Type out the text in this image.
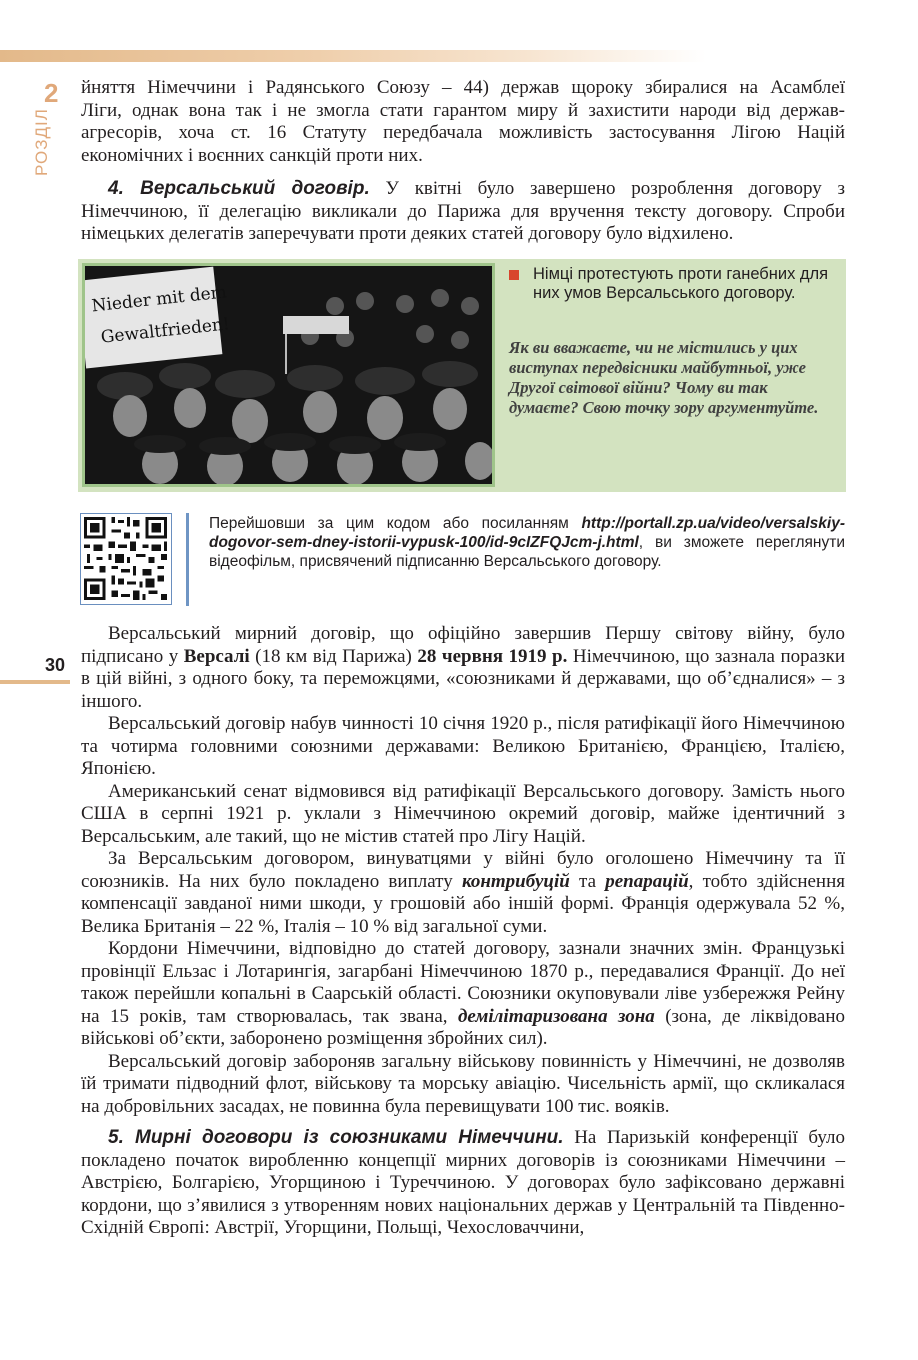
2
РОЗДІЛ
йняття Німеччини і Радянського Союзу – 44) держав щороку збиралися на Асамблеї
Ліги, однак вона так і не змогла стати гарантом миру й захистити народи від держав-
агресорів, хоча ст. 16 Статуту передбачала можливість застосування Лігою Націй
економічних і воєнних санкцій проти них.

4. Версальський договір. У квітні було завершено розроблення договору з Німеччиною, її делегацію викликали до Парижа для вручення тексту договору. Спроби німецьких делегатів заперечувати проти деяких статей договору було відхилено.

Nieder mit dem
Gewaltfrieden!
Німці протестують проти ганебних для них умов Версальського договору.
Як ви вважаєте, чи не містились у цих виступах передвісники майбутньої, уже Другої світової війни? Чому ви так думаєте? Свою точку зору аргументуйте.
Перейшовши за цим кодом або посиланням http://portall.zp.ua/video/versalskiy-dogovor-sem-dney-istorii-vypusk-100/id-9cIZFQJcm-j.html, ви зможете переглянути відеофільм, присвячений підписанню Версальського договору.
30

Версальський мирний договір, що офіційно завершив Першу світову війну, було підписано у Версалі (18 км від Парижа) 28 червня 1919 р. Німеччиною, що зазнала поразки в цій війні, з одного боку, та переможцями, «союзниками й державами, що об’єдналися» – з іншого.

Версальський договір набув чинності 10 січня 1920 р., після ратифікації його Німеччиною та чотирма головними союзними державами: Великою Британією, Францією, Італією, Японією.

Американський сенат відмовився від ратифікації Версальського договору. Замість нього США в серпні 1921 р. уклали з Німеччиною окремий договір, майже ідентичний з Версальським, але такий, що не містив статей про Лігу Націй.

За Версальським договором, винуватцями у війні було оголошено Німеччину та її союзників. На них було покладено виплату контрибуцій та репарацій, тобто здійснення компенсації завданої ними шкоди, у грошовій або іншій формі. Франція одержувала 52 %, Велика Британія – 22 %, Італія – 10 % від загальної суми.

Кордони Німеччини, відповідно до статей договору, зазнали значних змін. Французькі провінції Ельзас і Лотарингія, загарбані Німеччиною 1870 р., передавалися Франції. До неї також перейшли копальні в Саарській області. Союзники окуповували ліве узбережжя Рейну на 15 років, там створювалась, так звана, демілітаризована зона (зона, де ліквідовано військові об’єкти, заборонено розміщення збройних сил).

Версальський договір забороняв загальну військову повинність у Німеччині, не дозволяв їй тримати підводний флот, військову та морську авіацію. Чисельність армії, що скликалася на добровільних засадах, не повинна була перевищувати 100 тис. вояків.

5. Мирні договори із союзниками Німеччини. На Паризькій конференції було покладено початок виробленню концепції мирних договорів із союзниками Німеччини – Австрією, Болгарією, Угорщиною і Туреччиною. У договорах було зафіксовано державні кордони, що з’явилися з утворенням нових національних держав у Центральній та Південно-Східній Європі: Австрії, Угорщини, Польщі, Чехословаччини,
